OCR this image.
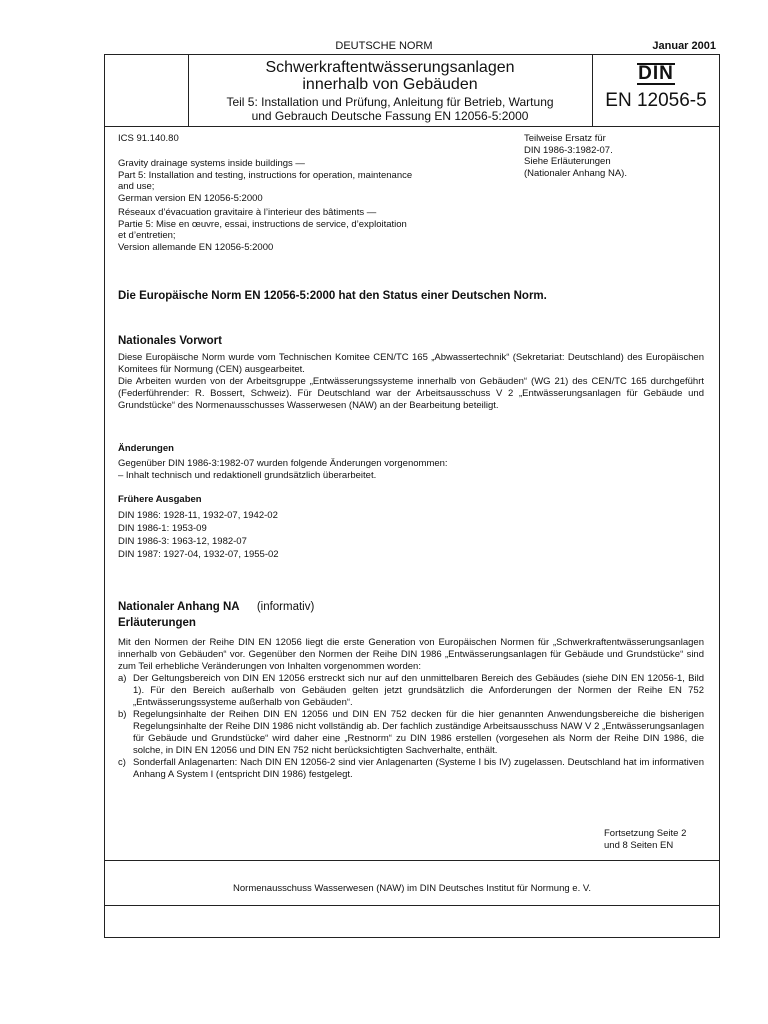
DEUTSCHE NORM	Januar 2001
Schwerkraftentwässerungsanlagen
innerhalb von Gebäuden
Teil 5: Installation und Prüfung, Anleitung für Betrieb, Wartung
und Gebrauch Deutsche Fassung EN 12056-5:2000
DIN
EN 12056-5
ICS 91.140.80	Teilweise Ersatz für
DIN 1986-3:1982-07.
Siehe Erläuterungen
(Nationaler Anhang NA).
Gravity drainage systems inside buildings —
Part 5: Installation and testing, instructions for operation, maintenance
and use;
German version EN 12056-5:2000
Réseaux d’évacuation gravitaire à l’interieur des bâtiments —
Partie 5: Mise en œuvre, essai, instructions de service, d’exploitation
et d’entretien;
Version allemande EN 12056-5:2000
Die Europäische Norm EN 12056-5:2000 hat den Status einer Deutschen Norm.
Nationales Vorwort

Diese Europäische Norm wurde vom Technischen Komitee CEN/TC 165 „Abwassertechnik“ (Sekretariat: Deutschland) des Europäischen Komitees für Normung (CEN) ausgearbeitet.

Die Arbeiten wurden von der Arbeitsgruppe „Entwässerungssysteme innerhalb von Gebäuden“ (WG 21) des CEN/TC 165 durchgeführt (Federführender: R. Bossert, Schweiz). Für Deutschland war der Arbeitsausschuss V 2 „Entwässerungsanlagen für Gebäude und Grundstücke“ des Normenausschusses Wasserwesen (NAW) an der Bearbeitung beteiligt.

Änderungen

Gegenüber DIN 1986-3:1982-07 wurden folgende Änderungen vorgenommen:

– Inhalt technisch und redaktionell grundsätzlich überarbeitet.

Frühere Ausgaben
DIN 1986: 1928-11, 1932-07, 1942-02
DIN 1986-1: 1953-09
DIN 1986-3: 1963-12, 1982-07
DIN 1987: 1927-04, 1932-07, 1955-02
Nationaler Anhang NA (informativ)
Erläuterungen

Mit den Normen der Reihe DIN EN 12056 liegt die erste Generation von Europäischen Normen für „Schwerkraftentwässerungsanlagen innerhalb von Gebäuden“ vor. Gegenüber den Normen der Reihe DIN 1986 „Entwässerungsanlagen für Gebäude und Grundstücke“ sind zum Teil erhebliche Veränderungen von Inhalten vorgenommen worden:

a) Der Geltungsbereich von DIN EN 12056 erstreckt sich nur auf den unmittelbaren Bereich des Gebäudes (siehe DIN EN 12056-1, Bild 1). Für den Bereich außerhalb von Gebäuden gelten jetzt grundsätzlich die Anforderungen der Normen der Reihe EN 752 „Entwässerungssysteme außerhalb von Gebäuden“.
b) Regelungsinhalte der Reihen DIN EN 12056 und DIN EN 752 decken für die hier genannten Anwendungsbereiche die bisherigen Regelungsinhalte der Reihe DIN 1986 nicht vollständig ab. Der fachlich zuständige Arbeitsausschuss NAW V 2 „Entwässerungsanlagen für Gebäude und Grundstücke“ wird daher eine „Restnorm“ zu DIN 1986 erstellen (vorgesehen als Norm der Reihe DIN 1986, die solche, in DIN EN 12056 und DIN EN 752 nicht berücksichtigten Sachverhalte, enthält.
c) Sonderfall Anlagenarten: Nach DIN EN 12056-2 sind vier Anlagenarten (Systeme I bis IV) zugelassen. Deutschland hat im informativen Anhang A System I (entspricht DIN 1986) festgelegt.
Fortsetzung Seite 2
und 8 Seiten EN
Normenausschuss Wasserwesen (NAW) im DIN Deutsches Institut für Normung e. V.
